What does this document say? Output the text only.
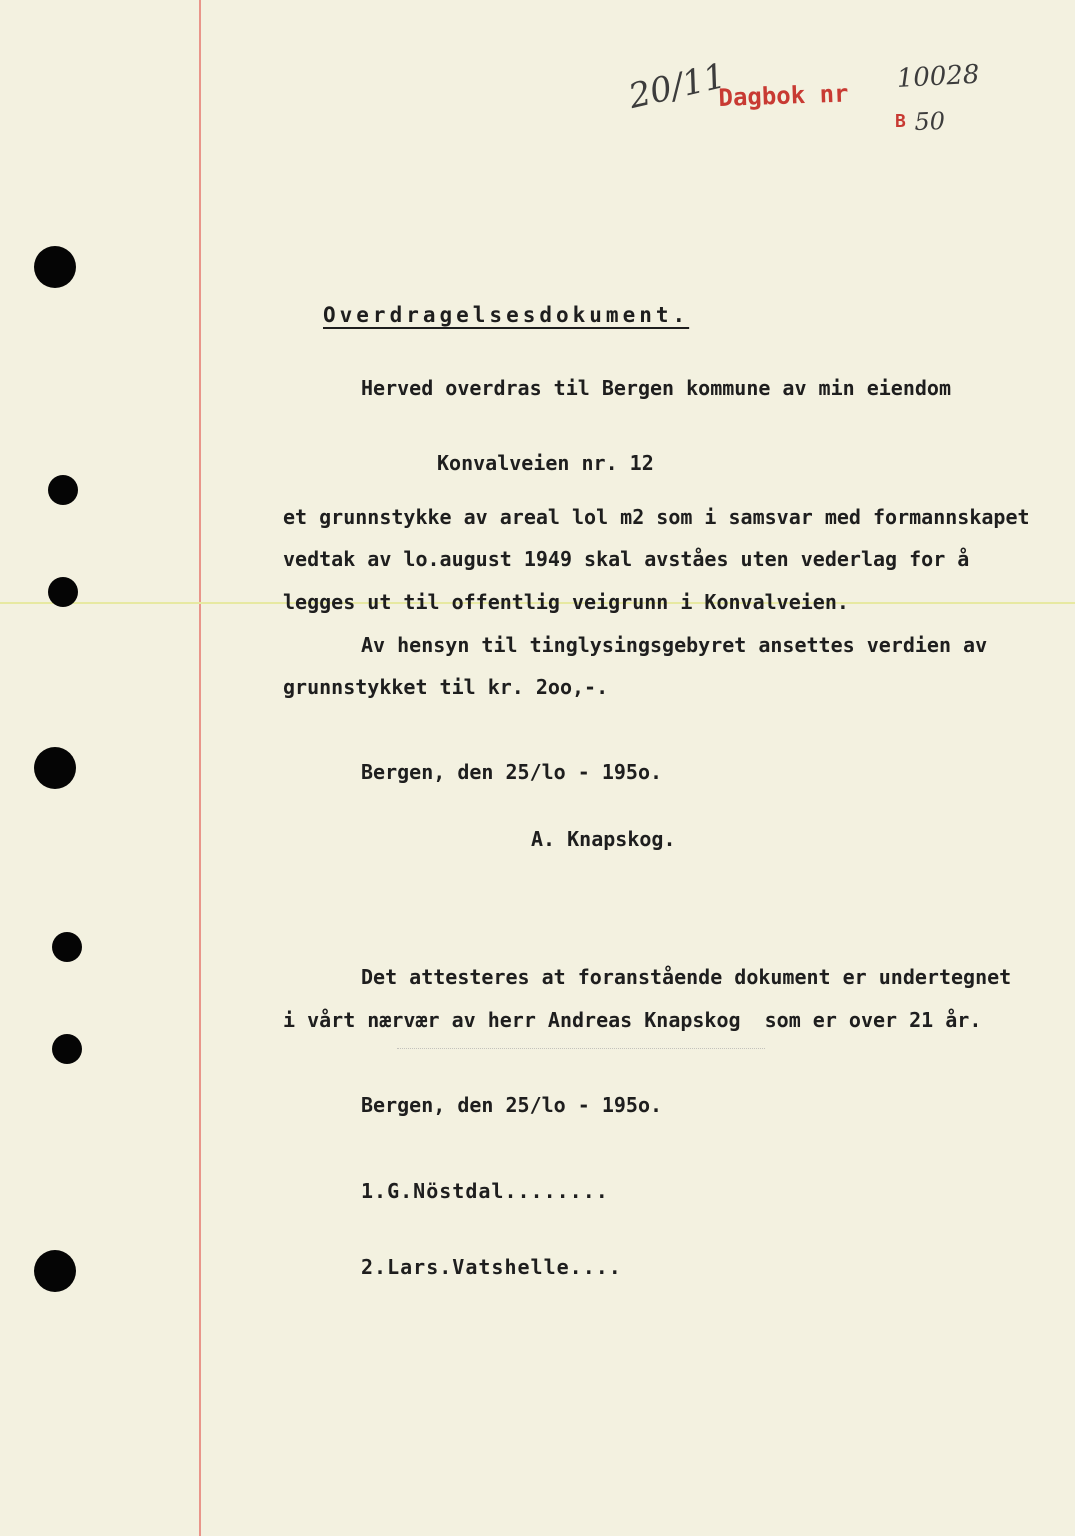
20/11
Dagbok nr
10028
B 50
Overdragelsesdokument.
Herved overdras til Bergen kommune av min eiendom
Konvalveien nr. 12
et grunnstykke av areal lol m2 som i samsvar med formannskapet
vedtak av lo.august 1949 skal avståes uten vederlag for å
legges ut til offentlig veigrunn i Konvalveien.
Av hensyn til tinglysingsgebyret ansettes verdien av
grunnstykket til kr. 2oo,-.
Bergen, den 25/lo - 195o.
A. Knapskog.
Det attesteres at foranstående dokument er undertegnet
i vårt nærvær av herr Andreas Knapskog  som er over 21 år.
Bergen, den 25/lo - 195o.
1.G.Nöstdal........
2.Lars.Vatshelle....
